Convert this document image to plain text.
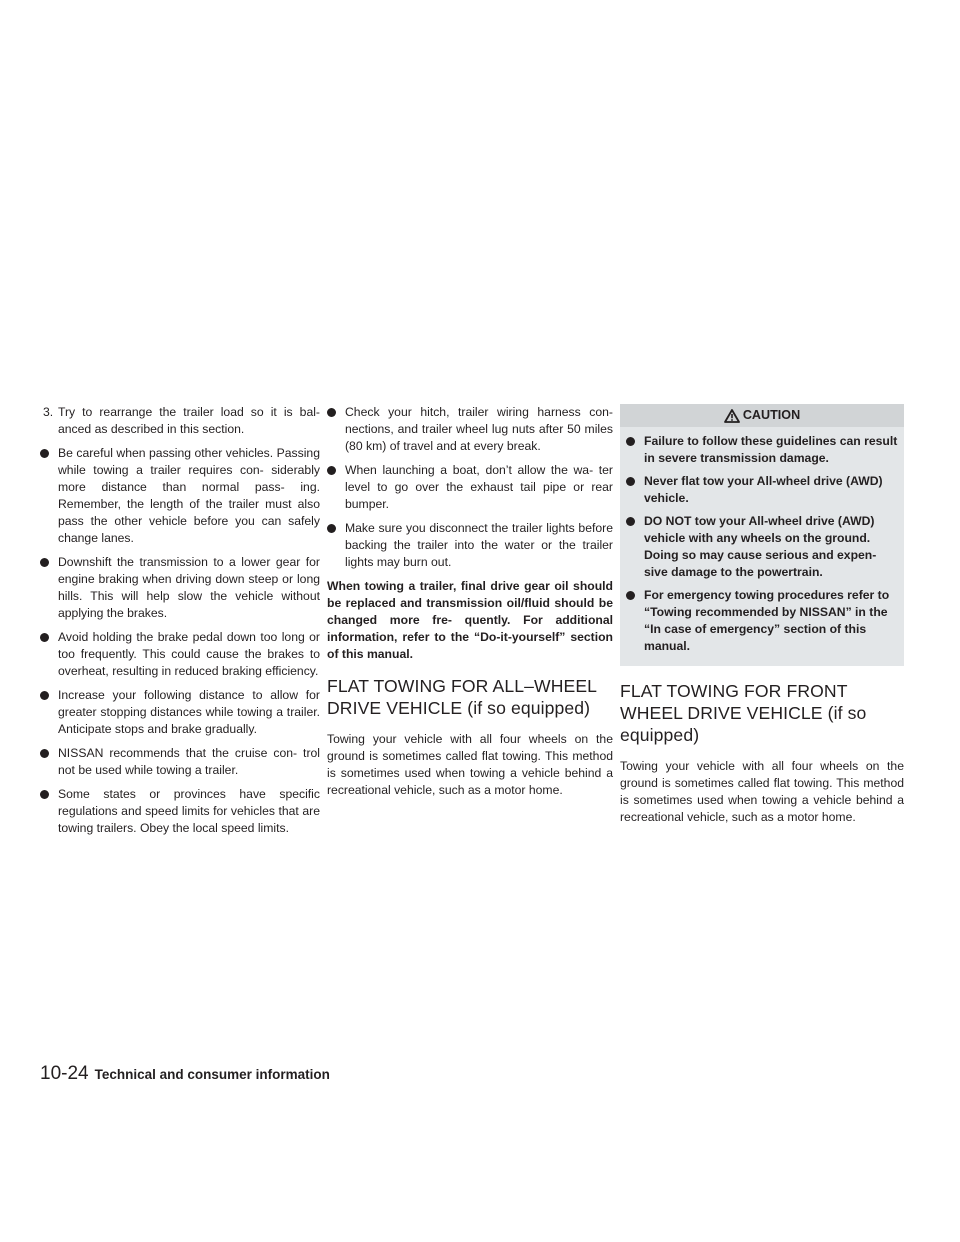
3. Try to rearrange the trailer load so it is bal- anced as described in this section.
Be careful when passing other vehicles. Passing while towing a trailer requires con- siderably more distance than normal pass- ing. Remember, the length of the trailer must also pass the other vehicle before you can safely change lanes.
Downshift the transmission to a lower gear for engine braking when driving down steep or long hills. This will help slow the vehicle without applying the brakes.
Avoid holding the brake pedal down too long or too frequently. This could cause the brakes to overheat, resulting in reduced braking efficiency.
Increase your following distance to allow for greater stopping distances while towing a trailer. Anticipate stops and brake gradually.
NISSAN recommends that the cruise con- trol not be used while towing a trailer.
Some states or provinces have specific regulations and speed limits for vehicles that are towing trailers. Obey the local speed limits.
Check your hitch, trailer wiring harness con- nections, and trailer wheel lug nuts after 50 miles (80 km) of travel and at every break.
When launching a boat, don’t allow the wa- ter level to go over the exhaust tail pipe or rear bumper.
Make sure you disconnect the trailer lights before backing the trailer into the water or the trailer lights may burn out.

When towing a trailer, final drive gear oil should be replaced and transmission oil/fluid should be changed more fre- quently. For additional information, refer to the “Do-it-yourself” section of this manual.

FLAT TOWING FOR ALL–WHEEL DRIVE VEHICLE (if so equipped)

Towing your vehicle with all four wheels on the ground is sometimes called flat towing. This method is sometimes used when towing a vehicle behind a recreational vehicle, such as a motor home.

CAUTION
Failure to follow these guidelines can result in severe transmission damage.
Never flat tow your All-wheel drive (AWD) vehicle.
DO NOT tow your All-wheel drive (AWD) vehicle with any wheels on the ground. Doing so may cause serious and expen- sive damage to the powertrain.
For emergency towing procedures refer to “Towing recommended by NISSAN” in the “In case of emergency” section of this manual.
FLAT TOWING FOR FRONT WHEEL DRIVE VEHICLE (if so equipped)

Towing your vehicle with all four wheels on the ground is sometimes called flat towing. This method is sometimes used when towing a vehicle behind a recreational vehicle, such as a motor home.

10-24 Technical and consumer information
